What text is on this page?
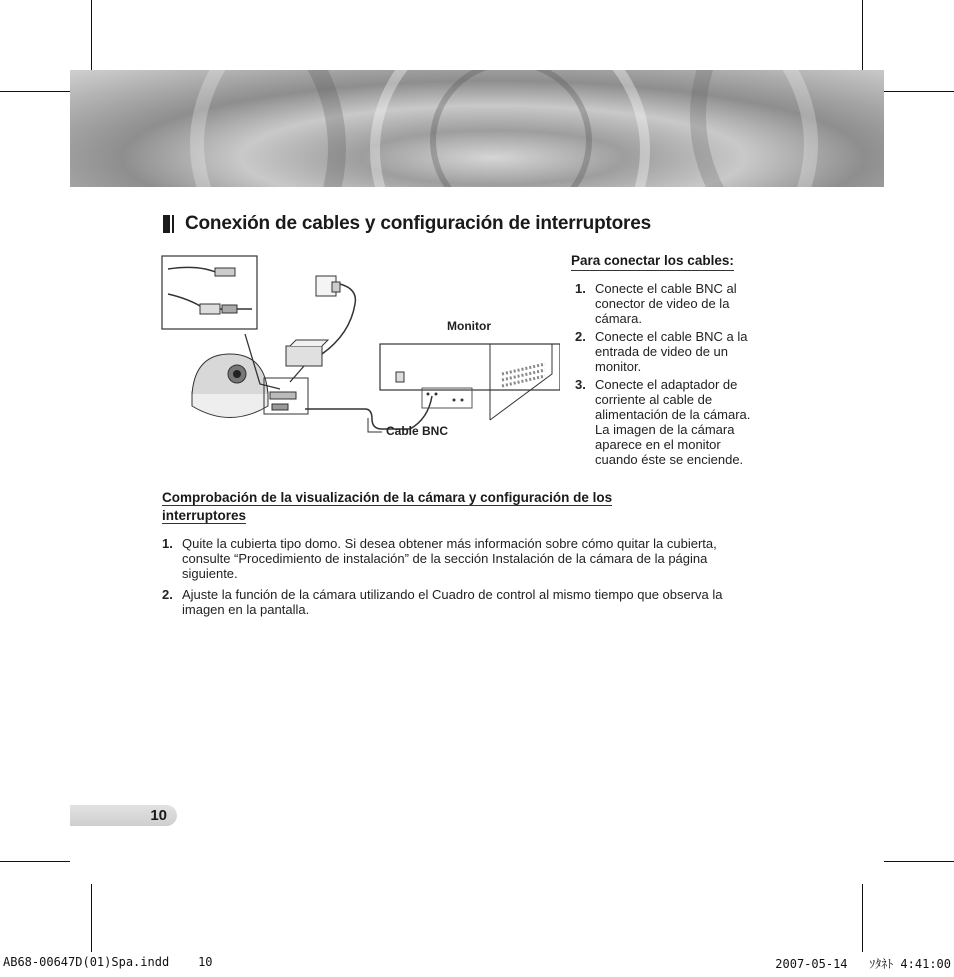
Conexión de cables y configuración de interruptores
Monitor
Cable BNC
Para conectar los cables:
1. Conecte el cable BNC al conector de video de la cámara.
2. Conecte el cable BNC a la entrada de video de un monitor.
3. Conecte el adaptador de corriente al cable de alimentación de la cámara. La imagen de la cámara aparece en el monitor cuando éste se enciende.
Comprobación de la visualización de la cámara y configuración de los
interruptores
1. Quite la cubierta tipo domo. Si desea obtener más información sobre cómo quitar la cubierta, consulte “Procedimiento de instalación” de la sección Instalación de la cámara de la página siguiente.
2. Ajuste la función de la cámara utilizando el Cuadro de control al mismo tiempo que observa la imagen en la pantalla.
10
AB68-00647D(01)Spa.indd    10	2007-05-14   ｿﾀﾈﾄ 4:41:00
